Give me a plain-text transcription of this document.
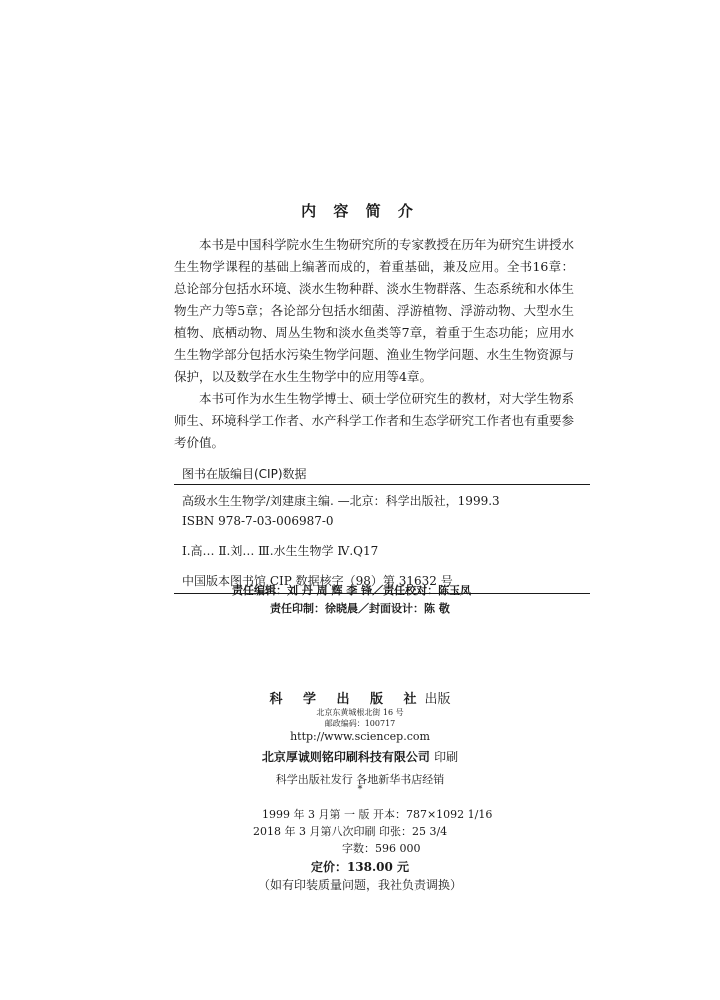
内 容 简 介

本书是中国科学院水生生物研究所的专家教授在历年为研究生讲授水生生物学课程的基础上编著而成的，着重基础，兼及应用。全书16章：总论部分包括水环境、淡水生物种群、淡水生物群落、生态系统和水体生物生产力等5章；各论部分包括水细菌、浮游植物、浮游动物、大型水生植物、底栖动物、周丛生物和淡水鱼类等7章，着重于生态功能；应用水生生物学部分包括水污染生物学问题、渔业生物学问题、水生生物资源与保护，以及数学在水生生物学中的应用等4章。

本书可作为水生生物学博士、硕士学位研究生的教材，对大学生物系师生、环境科学工作者、水产科学工作者和生态学研究工作者也有重要参考价值。

图书在版编目(CIP)数据
高级水生生物学/刘建康主编. —北京：科学出版社，1999.3
ISBN 978-7-03-006987-0
Ⅰ.高… Ⅱ.刘… Ⅲ.水生生物学 Ⅳ.Q17
中国版本图书馆 CIP 数据核字（98）第 31632 号
责任编辑：刘 丹 周 辉 李 锋／责任校对：陈玉凤
责任印制：徐晓晨／封面设计：陈 敬
科 学 出 版 社出版
北京东黄城根北街 16 号
邮政编码：100717
http://www.sciencep.com
北京厚诚则铭印刷科技有限公司 印刷
科学出版社发行 各地新华书店经销
*
1999 年 3 月第 一 版 开本：787×1092 1/16
2018 年 3 月第八次印刷 印张：25 3/4
字数：596 000
定价：138.00 元
（如有印装质量问题，我社负责调换）
